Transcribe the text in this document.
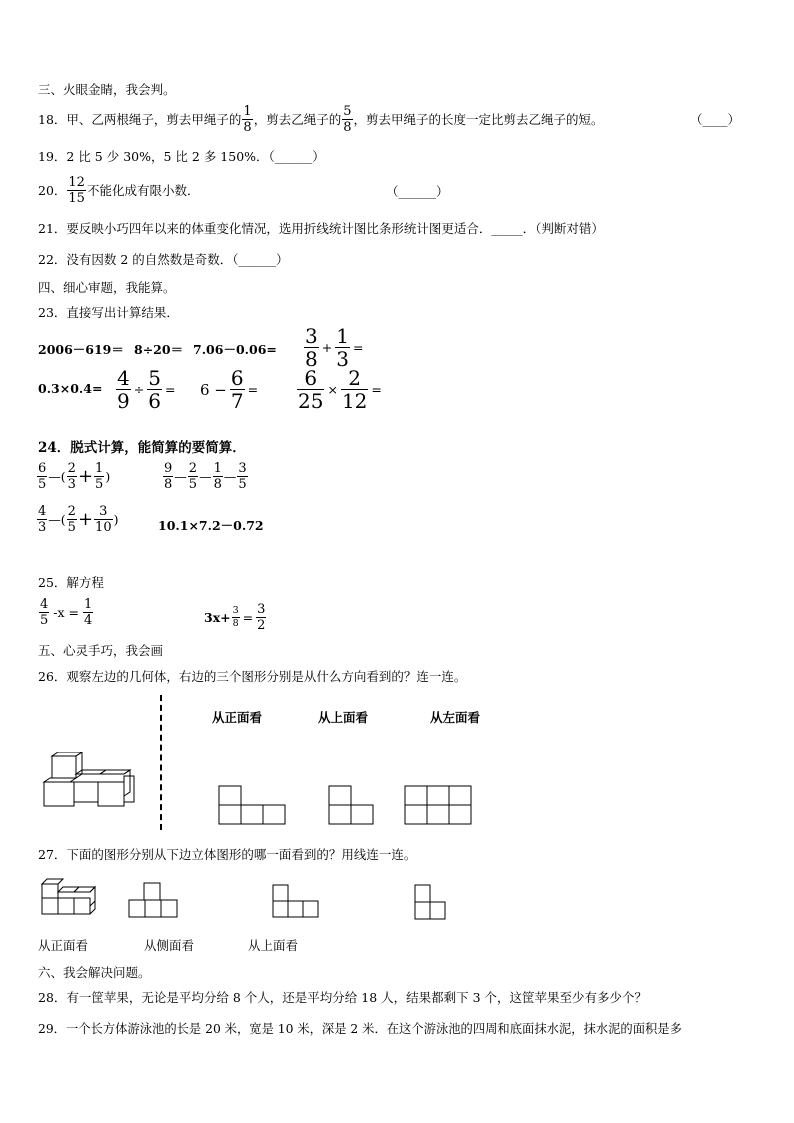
三、火眼金睛，我会判。
18． 甲、乙两根绳子，剪去甲绳子的 $\frac{1}{8}$ ，剪去乙绳子的 $\frac{5}{8}$ ，剪去甲绳子的长度一定比剪去乙绳子的短。	（____）
19．2 比 5 少 30%，5 比 2 多 150%．（______）
20． $\frac{12}{15}$ 不能化成有限小数．	（______）
21．要反映小巧四年以来的体重变化情况，选用折线统计图比条形统计图更适合．_____．（判断对错）
22．没有因数 2 的自然数是奇数．（______）
四、细心审题，我能算。
23．直接写出计算结果．
$2006-619= 8\div 20= 7.06-0.06= \frac{3}{8} + \frac{1}{3}$ =
$0.3\times 0.4= \frac{4}{9} \div \frac{5}{6} = 6 - \frac{6}{7} = \frac{6}{25} \times \frac{2}{12}$ =
24．脱式计算，能简算的要简算．
$\frac{6}{5}$ — ( $\frac{2}{3} + \frac{1}{5}$ )	$\frac{9}{8}$ — $\frac{2}{5}$ — $\frac{1}{8}$ — $\frac{3}{5}$
$\frac{4}{3}$ — ( $\frac{2}{5} + \frac{3}{10}$ )	10.1×7.2－0.72
25．解方程
$\frac{4}{5} -x = \frac{1}{4}$	$3x+ \frac{3}{8} = \frac{3}{2}$
五、心灵手巧，我会画
26．观察左边的几何体，右边的三个图形分别是从什么方向看到的？连一连。
从正面看	从上面看	从左面看
27．下面的图形分别从下边立体图形的哪一面看到的？用线连一连。
从正面看	从侧面看	从上面看
六、我会解决问题。
28．有一筐苹果，无论是平均分给 8 个人，还是平均分给 18 人，结果都剩下 3 个，这筐苹果至少有多少个？
29．一个长方体游泳池的长是 20 米，宽是 10 米，深是 2 米．在这个游泳池的四周和底面抹水泥，抹水泥的面积是多
